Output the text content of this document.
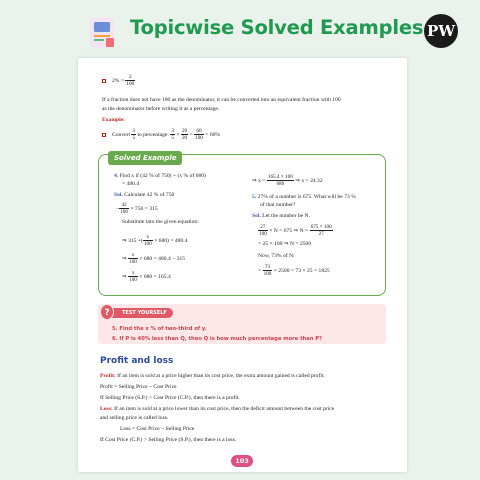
Topicwise Solved Examples PW
$2\% = \frac{2}{100}$
If a fraction does not have 100 as the denominator, it can be converted into an equivalent fraction with 100
as the denominator before writing it as a percentage.
Example:
Convert $\frac{3}{5}$ to percentage: $\frac{3}{5} \times \frac{20}{20} = \frac{60}{100} = 60\%$
Solved Example
4. Find x if (42 % of 750) + (x % of 680)
= 480.4
Sol. Calculate 42 % of 750
− $\frac{42}{100} \times 750 = 315$
Substitute into the given equation:
⇒ 315 +( $\frac{x}{100} \times 680) = 480.4$
⇒ $\frac{x}{100} \times 680 = 480.4 - 315$
⇒ $\frac{x}{100} \times 680 = 165.4$
⇒ $x = \frac{165.4 \times 100}{680}$ ⇒ x = 24.32
5. 27% of a number is 675. What will be 73 %
of that number?
Sol. Let the number be N.
$\frac{27}{100} \times N = 675$ ⇒ $N = \frac{675 \times 100}{27}$
= 25 × 100 ⇒ N = 2500
Now, 73% of N:
= $\frac{73}{100} \times 2500 = 73 \times 25 = 1825$
TEST YOURSELF
?
5. Find the x % of two-third of y.
6. If P is 40% less than Q, then Q is how much percentage more than P?
Profit and loss
Profit: If an item is sold at a price higher than its cost price, the extra amount gained is called profit.
Profit = Selling Price − Cost Price
If Selling Price (S.P.) > Cost Price (C.P.), then there is a profit.
Loss: If an item is sold at a price lower than its cost price, then the deficit amount between the cost price
and selling price is called loss.
Loss = Cost Price − Selling Price
If Cost Price (C.P.) > Selling Price (S.P.), then there is a loss.
103
